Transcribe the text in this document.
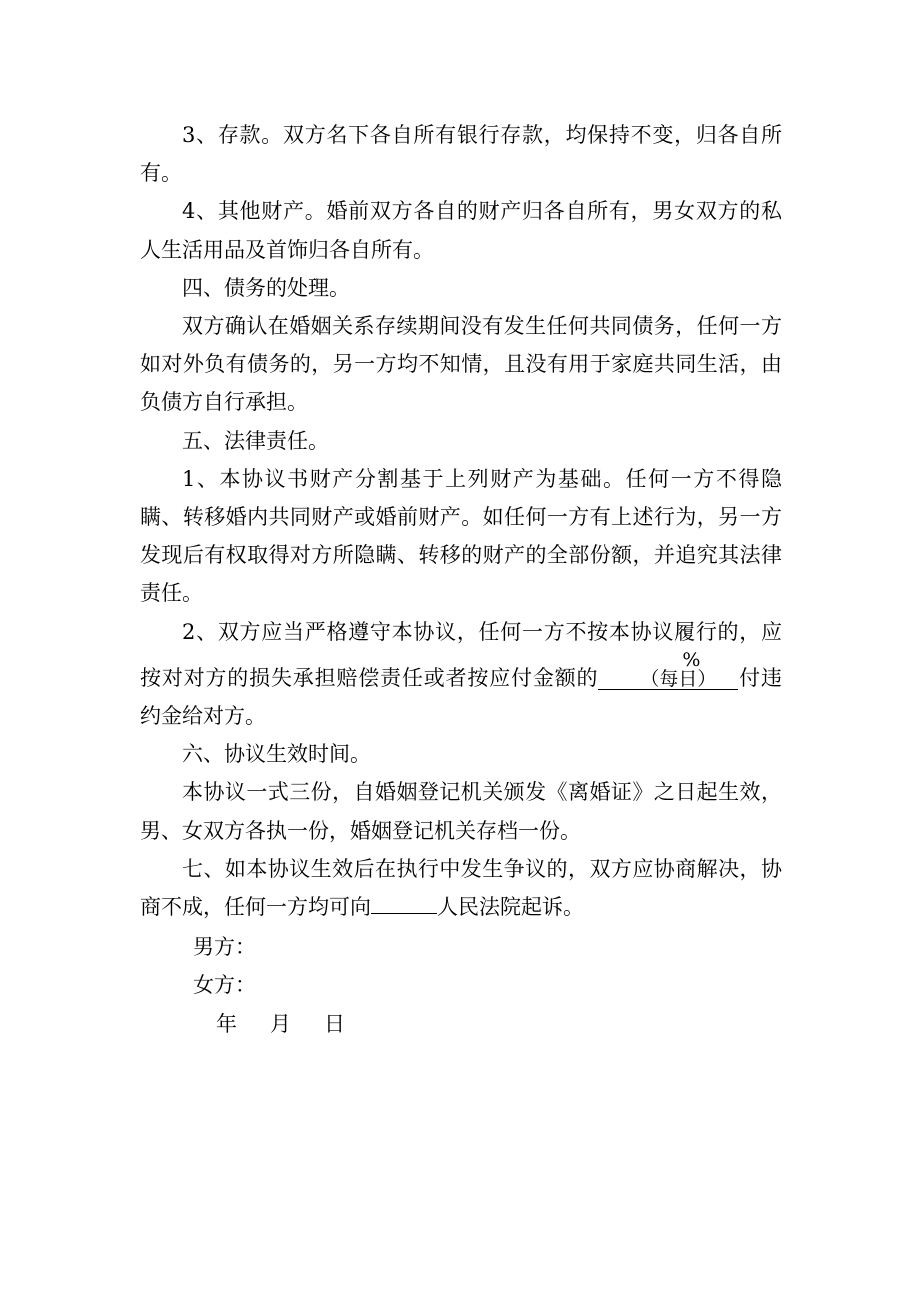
3、存款。双方名下各自所有银行存款，均保持不变，归各自所有。

4、其他财产。婚前双方各自的财产归各自所有，男女双方的私人生活用品及首饰归各自所有。

四、债务的处理。

双方确认在婚姻关系存续期间没有发生任何共同债务，任何一方如对外负有债务的，另一方均不知情，且没有用于家庭共同生活，由负债方自行承担。

五、法律责任。

1、本协议书财产分割基于上列财产为基础。任何一方不得隐瞒、转移婚内共同财产或婚前财产。如任何一方有上述行为，另一方发现后有权取得对方所隐瞒、转移的财产的全部份额，并追究其法律责任。

2、双方应当严格遵守本协议，任何一方不按本协议履行的，应按对对方的损失承担赔偿责任或者按应付金额的%（每日） 付违约金给对方。

六、协议生效时间。

本协议一式三份，自婚姻登记机关颁发《离婚证》之日起生效，男、女双方各执一份，婚姻登记机关存档一份。

七、如本协议生效后在执行中发生争议的，双方应协商解决，协商不成，任何一方均可向	人民法院起诉。

男方：
女方：
年 月 日
